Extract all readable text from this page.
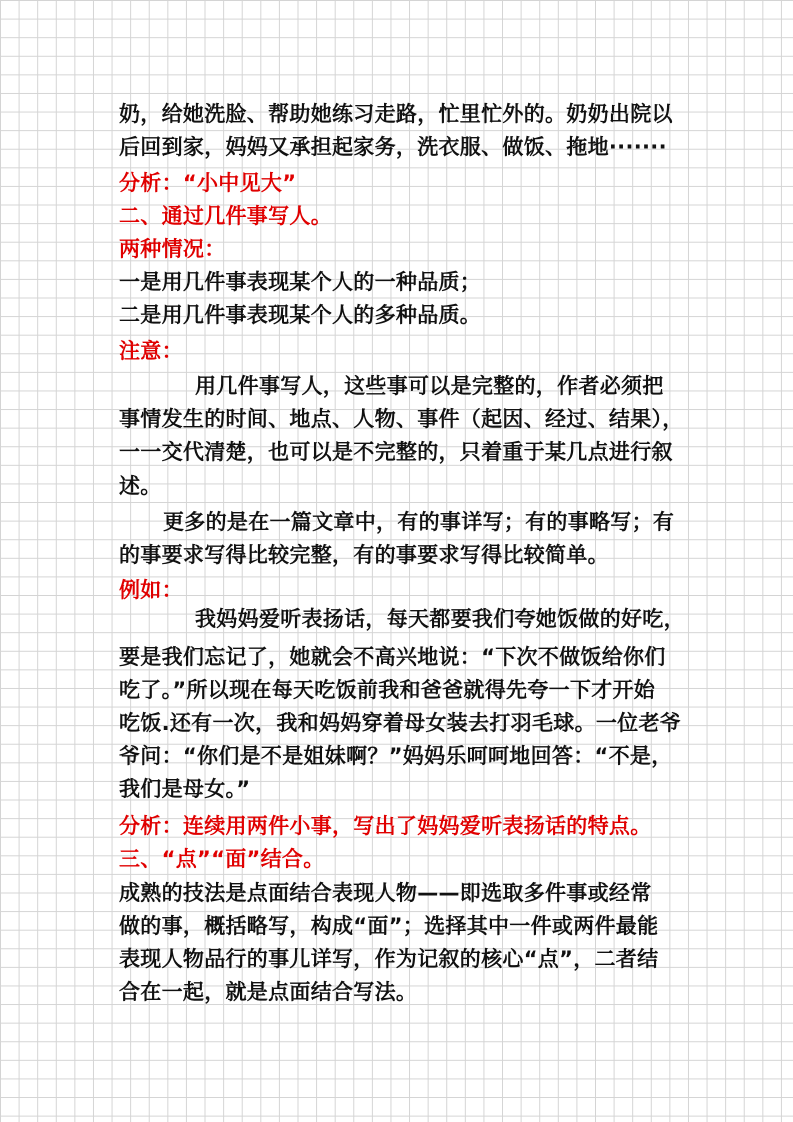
奶，给她洗脸、帮助她练习走路，忙里忙外的。奶奶出院以
后回到家，妈妈又承担起家务，洗衣服、做饭、拖地·······
分析：“小中见大”
二、通过几件事写人。
两种情况：
一是用几件事表现某个人的一种品质；
二是用几件事表现某个人的多种品质。
注意：
用几件事写人，这些事可以是完整的，作者必须把
事情发生的时间、地点、人物、事件（起因、经过、结果），
一一交代清楚，也可以是不完整的，只着重于某几点进行叙
述。
更多的是在一篇文章中，有的事详写；有的事略写；有
的事要求写得比较完整，有的事要求写得比较简单。
例如：
我妈妈爱听表扬话，每天都要我们夸她饭做的好吃，
要是我们忘记了，她就会不高兴地说：“下次不做饭给你们
吃了。”所以现在每天吃饭前我和爸爸就得先夸一下才开始
吃饭.还有一次，我和妈妈穿着母女装去打羽毛球。一位老爷
爷问：“你们是不是姐妹啊？”妈妈乐呵呵地回答：“不是，
我们是母女。”
分析：连续用两件小事，写出了妈妈爱听表扬话的特点。
三、“点”“面”结合。
成熟的技法是点面结合表现人物——即选取多件事或经常
做的事，概括略写，构成“面”；选择其中一件或两件最能
表现人物品行的事儿详写，作为记叙的核心“点”，二者结
合在一起，就是点面结合写法。
